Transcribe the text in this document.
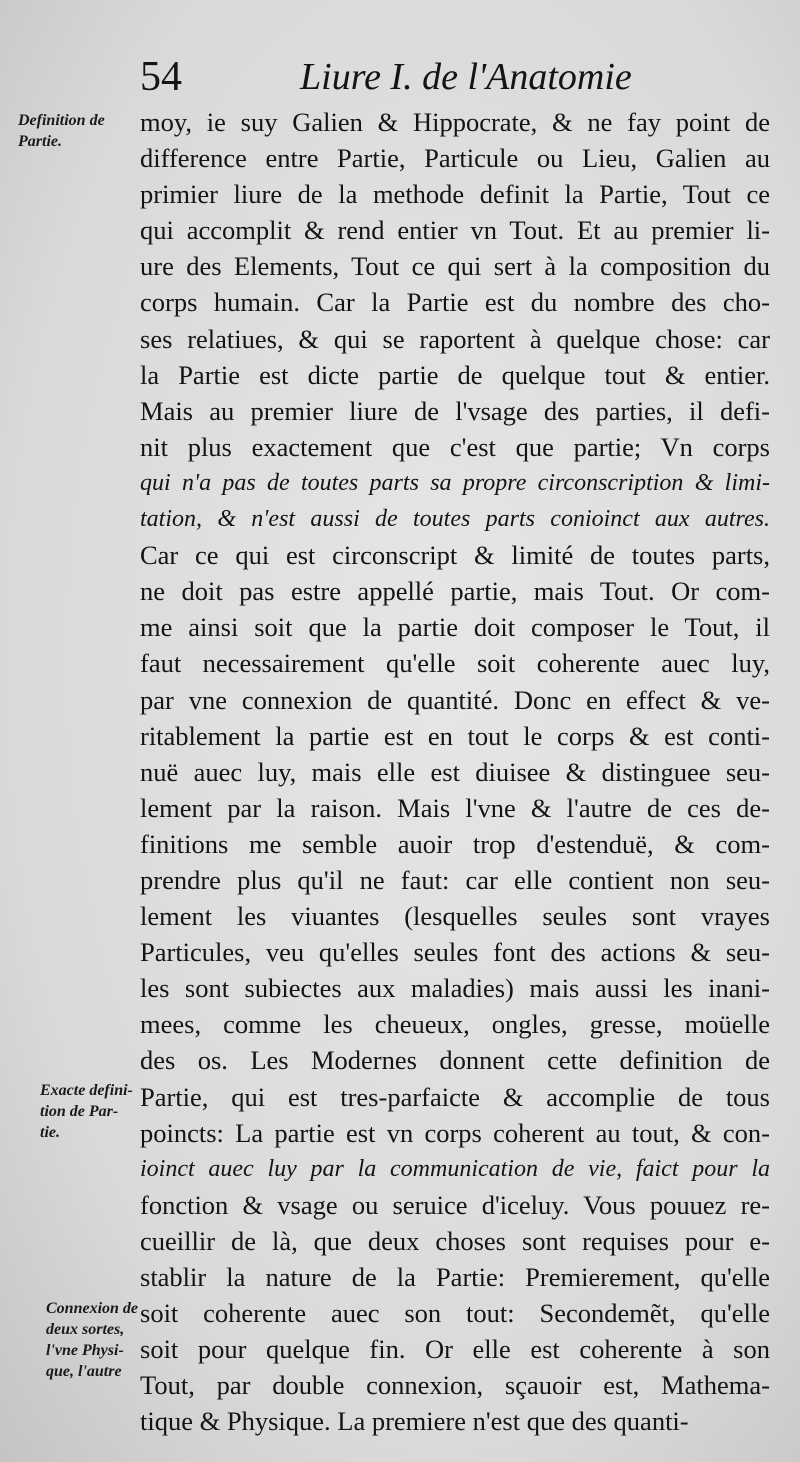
54	Liure I. de l'Anatomie
Definition de
Partie.
Exacte defini-
tion de Par-
tie.
Connexion de
deux sortes,
l'vne Physi-
que, l'autre
moy, ie suy Galien & Hippocrate, & ne fay point de
difference entre Partie, Particule ou Lieu, Galien au
primier liure de la methode definit la Partie, Tout ce
qui accomplit & rend entier vn Tout. Et au premier li-
ure des Elements, Tout ce qui sert à la composition du
corps humain. Car la Partie est du nombre des cho-
ses relatiues, & qui se raportent à quelque chose: car
la Partie est dicte partie de quelque tout & entier.
Mais au premier liure de l'vsage des parties, il defi-
nit plus exactement que c'est que partie; Vn corps
qui n'a pas de toutes parts sa propre circonscription & limi-
tation, & n'est aussi de toutes parts conioinct aux autres.
Car ce qui est circonscript & limité de toutes parts,
ne doit pas estre appellé partie, mais Tout. Or com-
me ainsi soit que la partie doit composer le Tout, il
faut necessairement qu'elle soit coherente auec luy,
par vne connexion de quantité. Donc en effect & ve-
ritablement la partie est en tout le corps & est conti-
nuë auec luy, mais elle est diuisee & distinguee seu-
lement par la raison. Mais l'vne & l'autre de ces de-
finitions me semble auoir trop d'estenduë, & com-
prendre plus qu'il ne faut: car elle contient non seu-
lement les viuantes (lesquelles seules sont vrayes
Particules, veu qu'elles seules font des actions & seu-
les sont subiectes aux maladies) mais aussi les inani-
mees, comme les cheueux, ongles, gresse, moüelle
des os. Les Modernes donnent cette definition de
Partie, qui est tres-parfaicte & accomplie de tous
poincts: La partie est vn corps coherent au tout, & con-
ioinct auec luy par la communication de vie, faict pour la
fonction & vsage ou seruice d'iceluy. Vous pouuez re-
cueillir de là, que deux choses sont requises pour e-
stablir la nature de la Partie: Premierement, qu'elle
soit coherente auec son tout: Secondemẽt, qu'elle
soit pour quelque fin. Or elle est coherente à son
Tout, par double connexion, sçauoir est, Mathema-
tique & Physique. La premiere n'est que des quanti-
